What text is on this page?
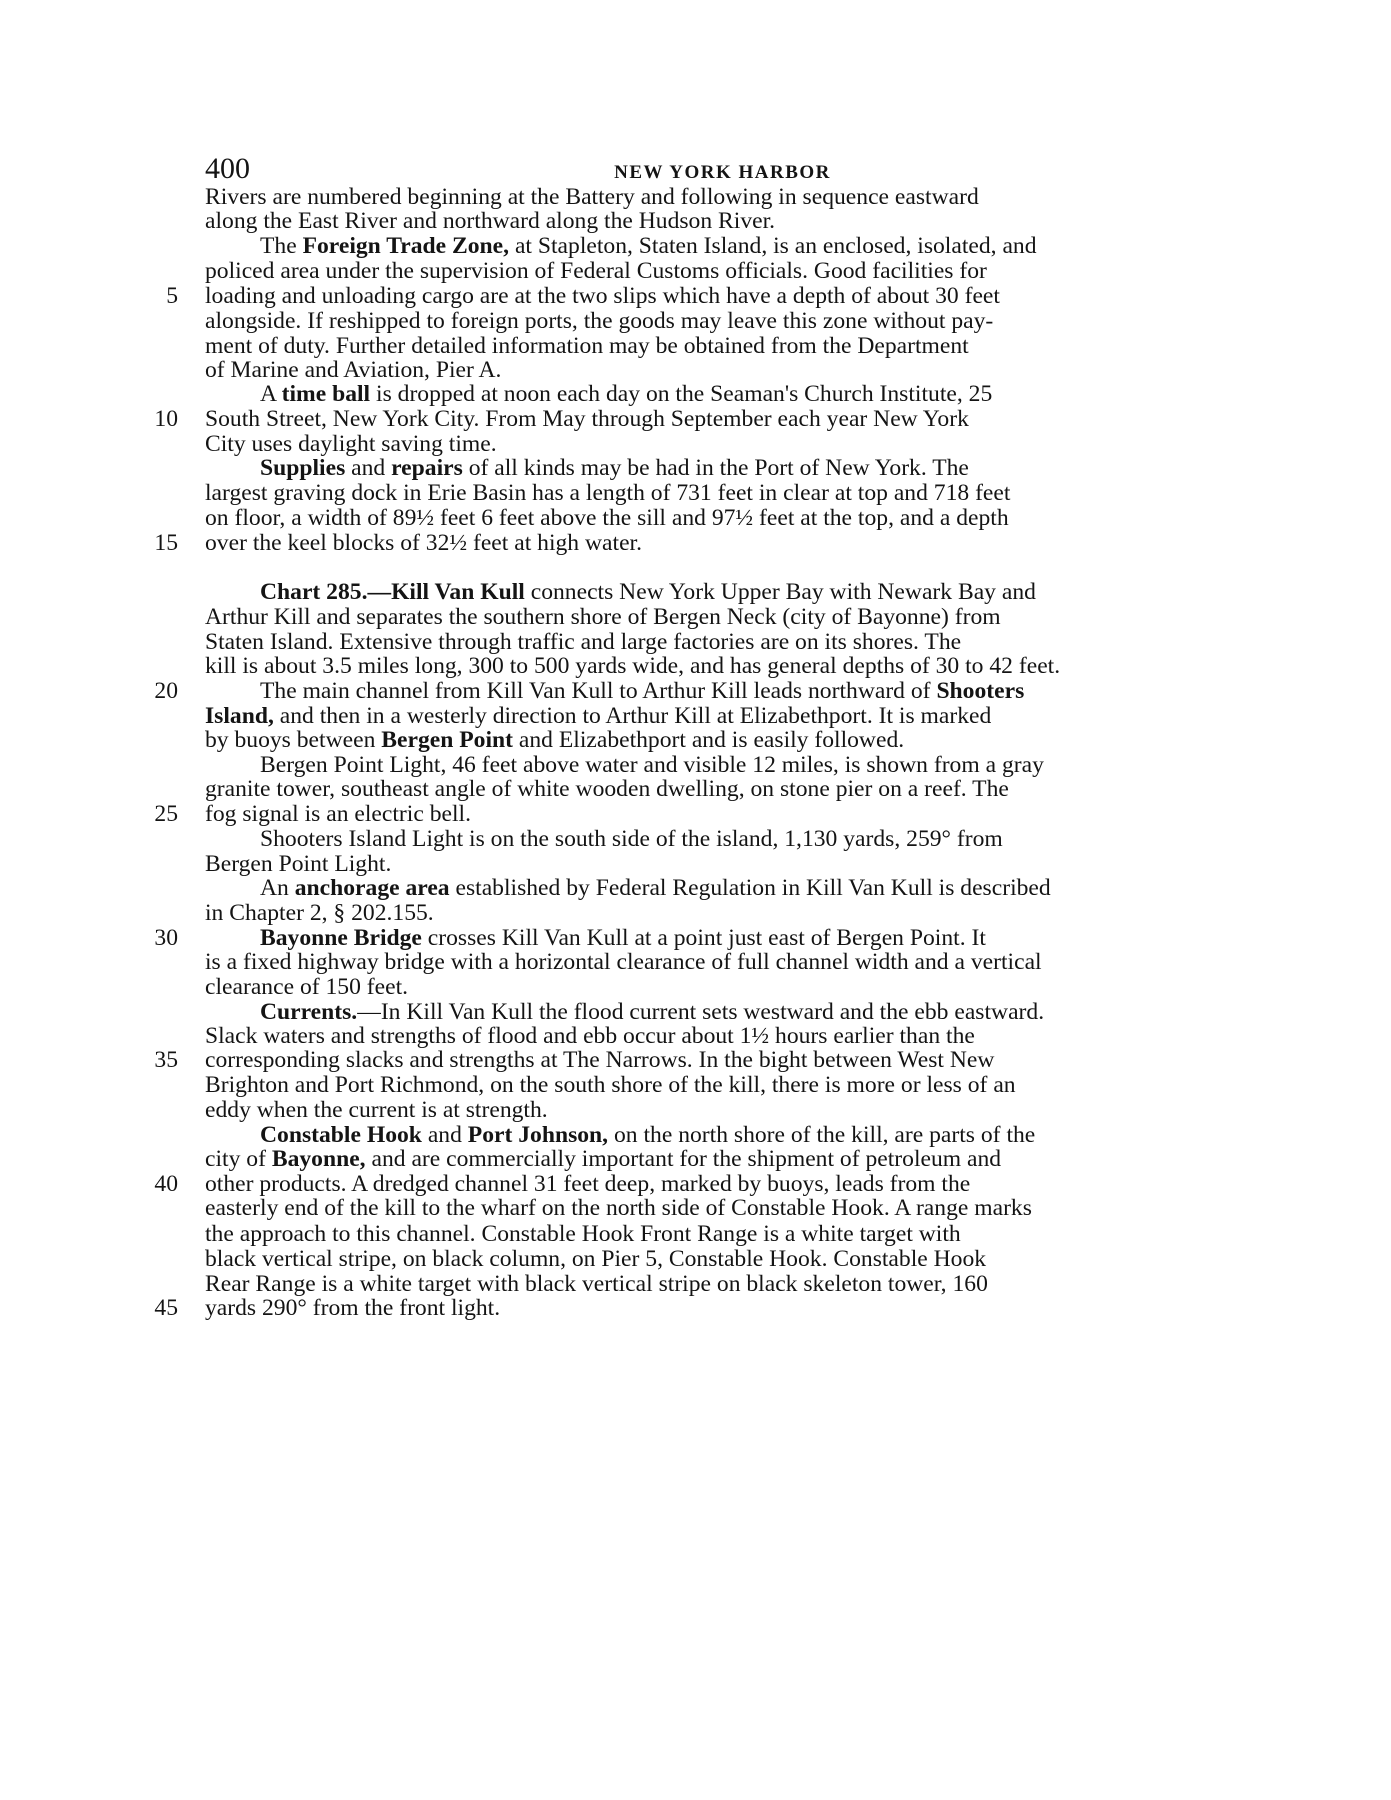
400	NEW YORK HARBOR
Rivers are numbered beginning at the Battery and following in sequence eastward
along the East River and northward along the Hudson River.
The Foreign Trade Zone, at Stapleton, Staten Island, is an enclosed, isolated, and
policed area under the supervision of Federal Customs officials. Good facilities for
loading and unloading cargo are at the two slips which have a depth of about 30 feet
alongside. If reshipped to foreign ports, the goods may leave this zone without pay-
ment of duty. Further detailed information may be obtained from the Department
of Marine and Aviation, Pier A.
A time ball is dropped at noon each day on the Seaman's Church Institute, 25
South Street, New York City. From May through September each year New York
City uses daylight saving time.
Supplies and repairs of all kinds may be had in the Port of New York. The
largest graving dock in Erie Basin has a length of 731 feet in clear at top and 718 feet
on floor, a width of 89½ feet 6 feet above the sill and 97½ feet at the top, and a depth
over the keel blocks of 32½ feet at high water.
Chart 285.—Kill Van Kull connects New York Upper Bay with Newark Bay and
Arthur Kill and separates the southern shore of Bergen Neck (city of Bayonne) from
Staten Island. Extensive through traffic and large factories are on its shores. The
kill is about 3.5 miles long, 300 to 500 yards wide, and has general depths of 30 to 42 feet.
The main channel from Kill Van Kull to Arthur Kill leads northward of Shooters
Island, and then in a westerly direction to Arthur Kill at Elizabethport. It is marked
by buoys between Bergen Point and Elizabethport and is easily followed.
Bergen Point Light, 46 feet above water and visible 12 miles, is shown from a gray
granite tower, southeast angle of white wooden dwelling, on stone pier on a reef. The
fog signal is an electric bell.
Shooters Island Light is on the south side of the island, 1,130 yards, 259° from
Bergen Point Light.
An anchorage area established by Federal Regulation in Kill Van Kull is described
in Chapter 2, § 202.155.
Bayonne Bridge crosses Kill Van Kull at a point just east of Bergen Point. It
is a fixed highway bridge with a horizontal clearance of full channel width and a vertical
clearance of 150 feet.
Currents.—In Kill Van Kull the flood current sets westward and the ebb eastward.
Slack waters and strengths of flood and ebb occur about 1½ hours earlier than the
corresponding slacks and strengths at The Narrows. In the bight between West New
Brighton and Port Richmond, on the south shore of the kill, there is more or less of an
eddy when the current is at strength.
Constable Hook and Port Johnson, on the north shore of the kill, are parts of the
city of Bayonne, and are commercially important for the shipment of petroleum and
other products. A dredged channel 31 feet deep, marked by buoys, leads from the
easterly end of the kill to the wharf on the north side of Constable Hook. A range marks
the approach to this channel. Constable Hook Front Range is a white target with
black vertical stripe, on black column, on Pier 5, Constable Hook. Constable Hook
Rear Range is a white target with black vertical stripe on black skeleton tower, 160
yards 290° from the front light.
5
10
15
20
25
30
35
40
45
